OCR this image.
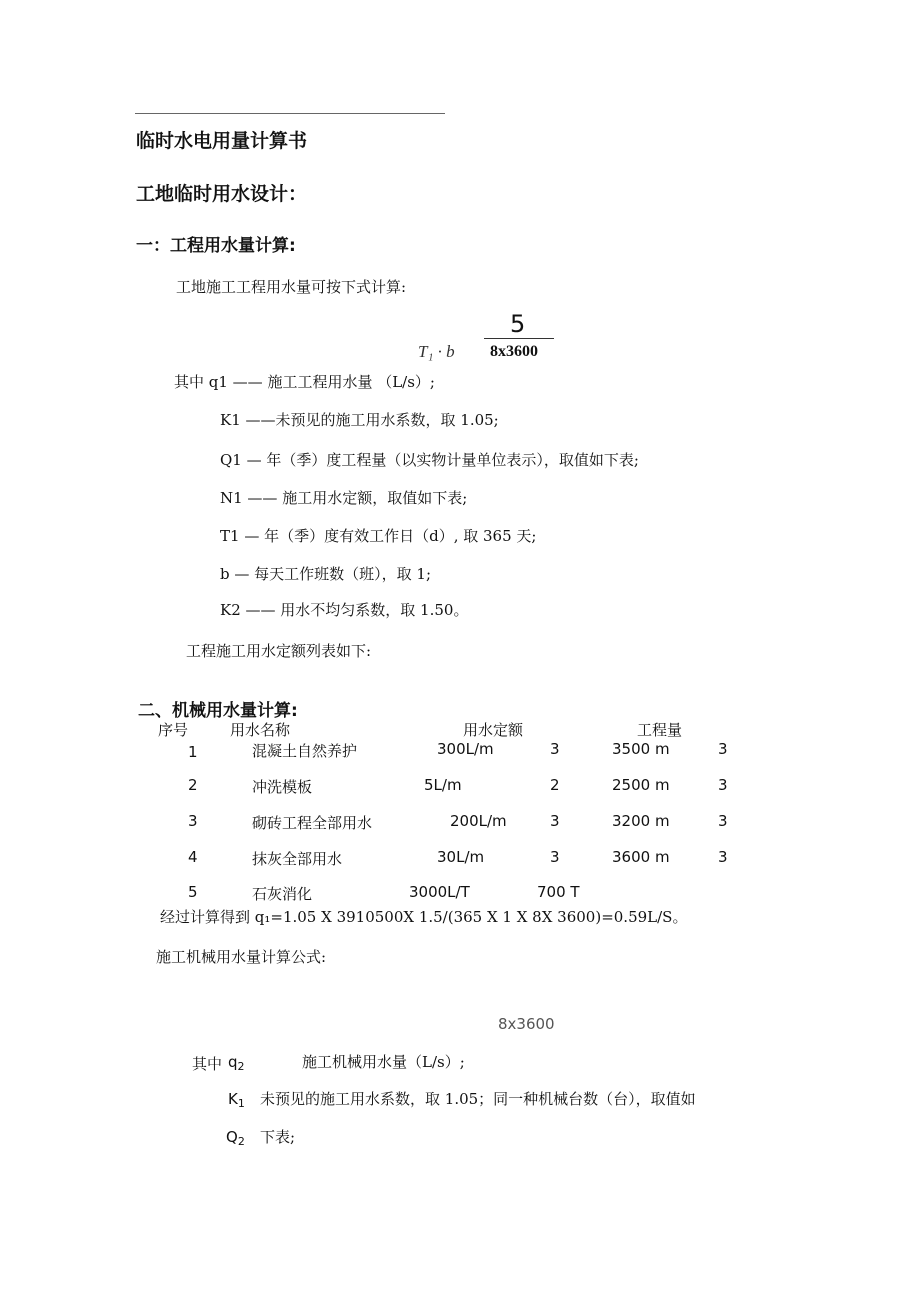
临时水电用量计算书
工地临时用水设计：
一：工程用水量计算:
工地施工工程用水量可按下式计算:
5
8x3600
T₁ · b
其中 q1 —— 施工工程用水量 （L/s）;
K1 ——未预见的施工用水系数，取 1.05;
Q1 — 年（季）度工程量（以实物计量单位表示），取值如下表;
N1 —— 施工用水定额，取值如下表;
T1 — 年（季）度有效工作日（d）, 取 365 天;
b — 每天工作班数（班），取 1;
K2 —— 用水不均匀系数，取 1.50。
工程施工用水定额列表如下:
二、机械用水量计算:
序号	用水名称	用水定额	工程量
1	混凝土自然养护	300L/m	3	3500 m	3
2	冲洗模板	5L/m	2	2500 m	3
3	砌砖工程全部用水	200L/m	3	3200 m	3
4	抹灰全部用水	30L/m	3	3600 m	3
5	石灰消化	3000L/T	700 T
经过计算得到 q₁=1.05 X 3910500X 1.5/(365 X 1 X 8X 3600)=0.59L/S。
施工机械用水量计算公式:
8x3600
其中 $q_2$	施工机械用水量（L/s）;
$K_1$ 未预见的施工用水系数，取 1.05；同一种机械台数（台），取值如
$Q_2$ 下表;
